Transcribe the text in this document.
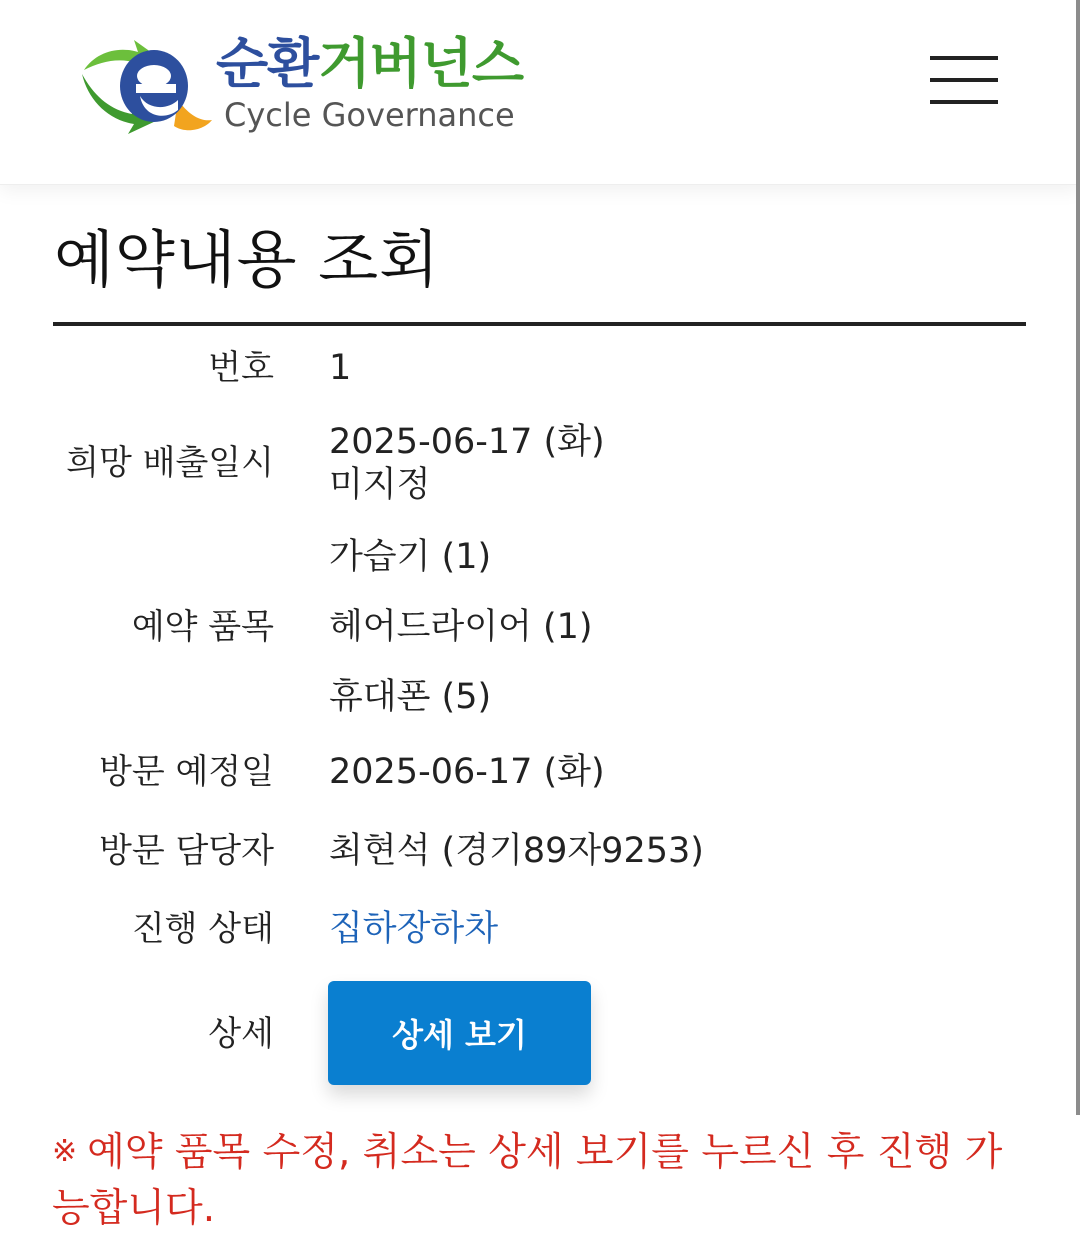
순환거버넌스
Cycle Governance
예약내용 조회
번호 1
희망 배출일시
2025-06-17 (화)
미지정
예약 품목
가습기 (1)
헤어드라이어 (1)
휴대폰 (5)
방문 예정일 2025-06-17 (화)
방문 담당자 최현석 (경기89자9253)
진행 상태 집하장하차
상세	상세 보기

※ 예약 품목 수정, 취소는 상세 보기를 누르신 후 진행 가능합니다.
